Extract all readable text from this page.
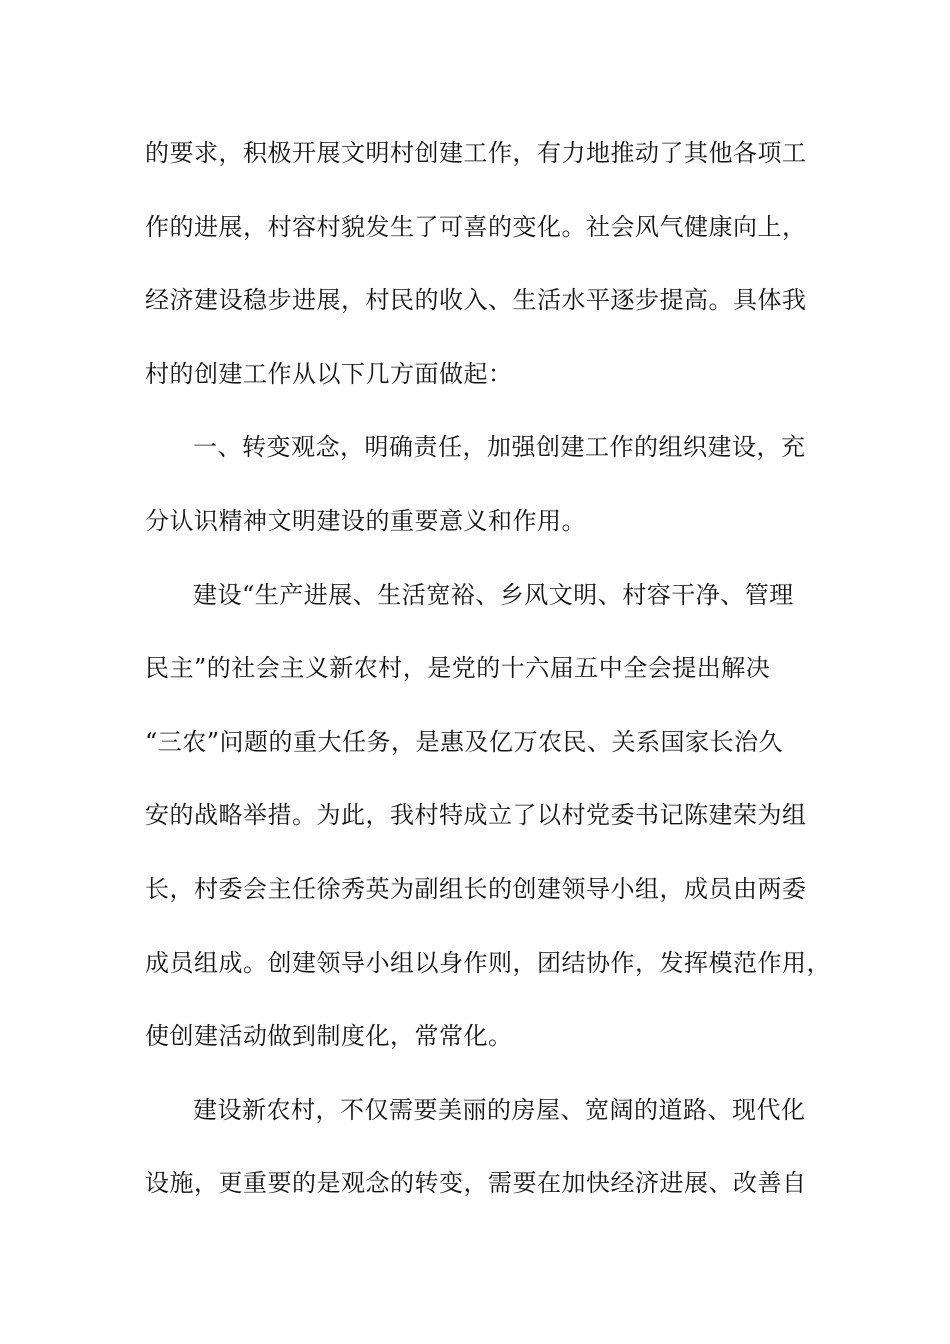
的要求，积极开展文明村创建工作，有力地推动了其他各项工
作的进展，村容村貌发生了可喜的变化。社会风气健康向上，
经济建设稳步进展，村民的收入、生活水平逐步提高。具体我
村的创建工作从以下几方面做起：
一、转变观念，明确责任，加强创建工作的组织建设，充
分认识精神文明建设的重要意义和作用。
建设“生产进展、生活宽裕、乡风文明、村容干净、管理
民主”的社会主义新农村，是党的十六届五中全会提出解决
“三农”问题的重大任务，是惠及亿万农民、关系国家长治久
安的战略举措。为此，我村特成立了以村党委书记陈建荣为组
长，村委会主任徐秀英为副组长的创建领导小组，成员由两委
成员组成。创建领导小组以身作则，团结协作，发挥模范作用，
使创建活动做到制度化，常常化。
建设新农村，不仅需要美丽的房屋、宽阔的道路、现代化
设施，更重要的是观念的转变，需要在加快经济进展、改善自
